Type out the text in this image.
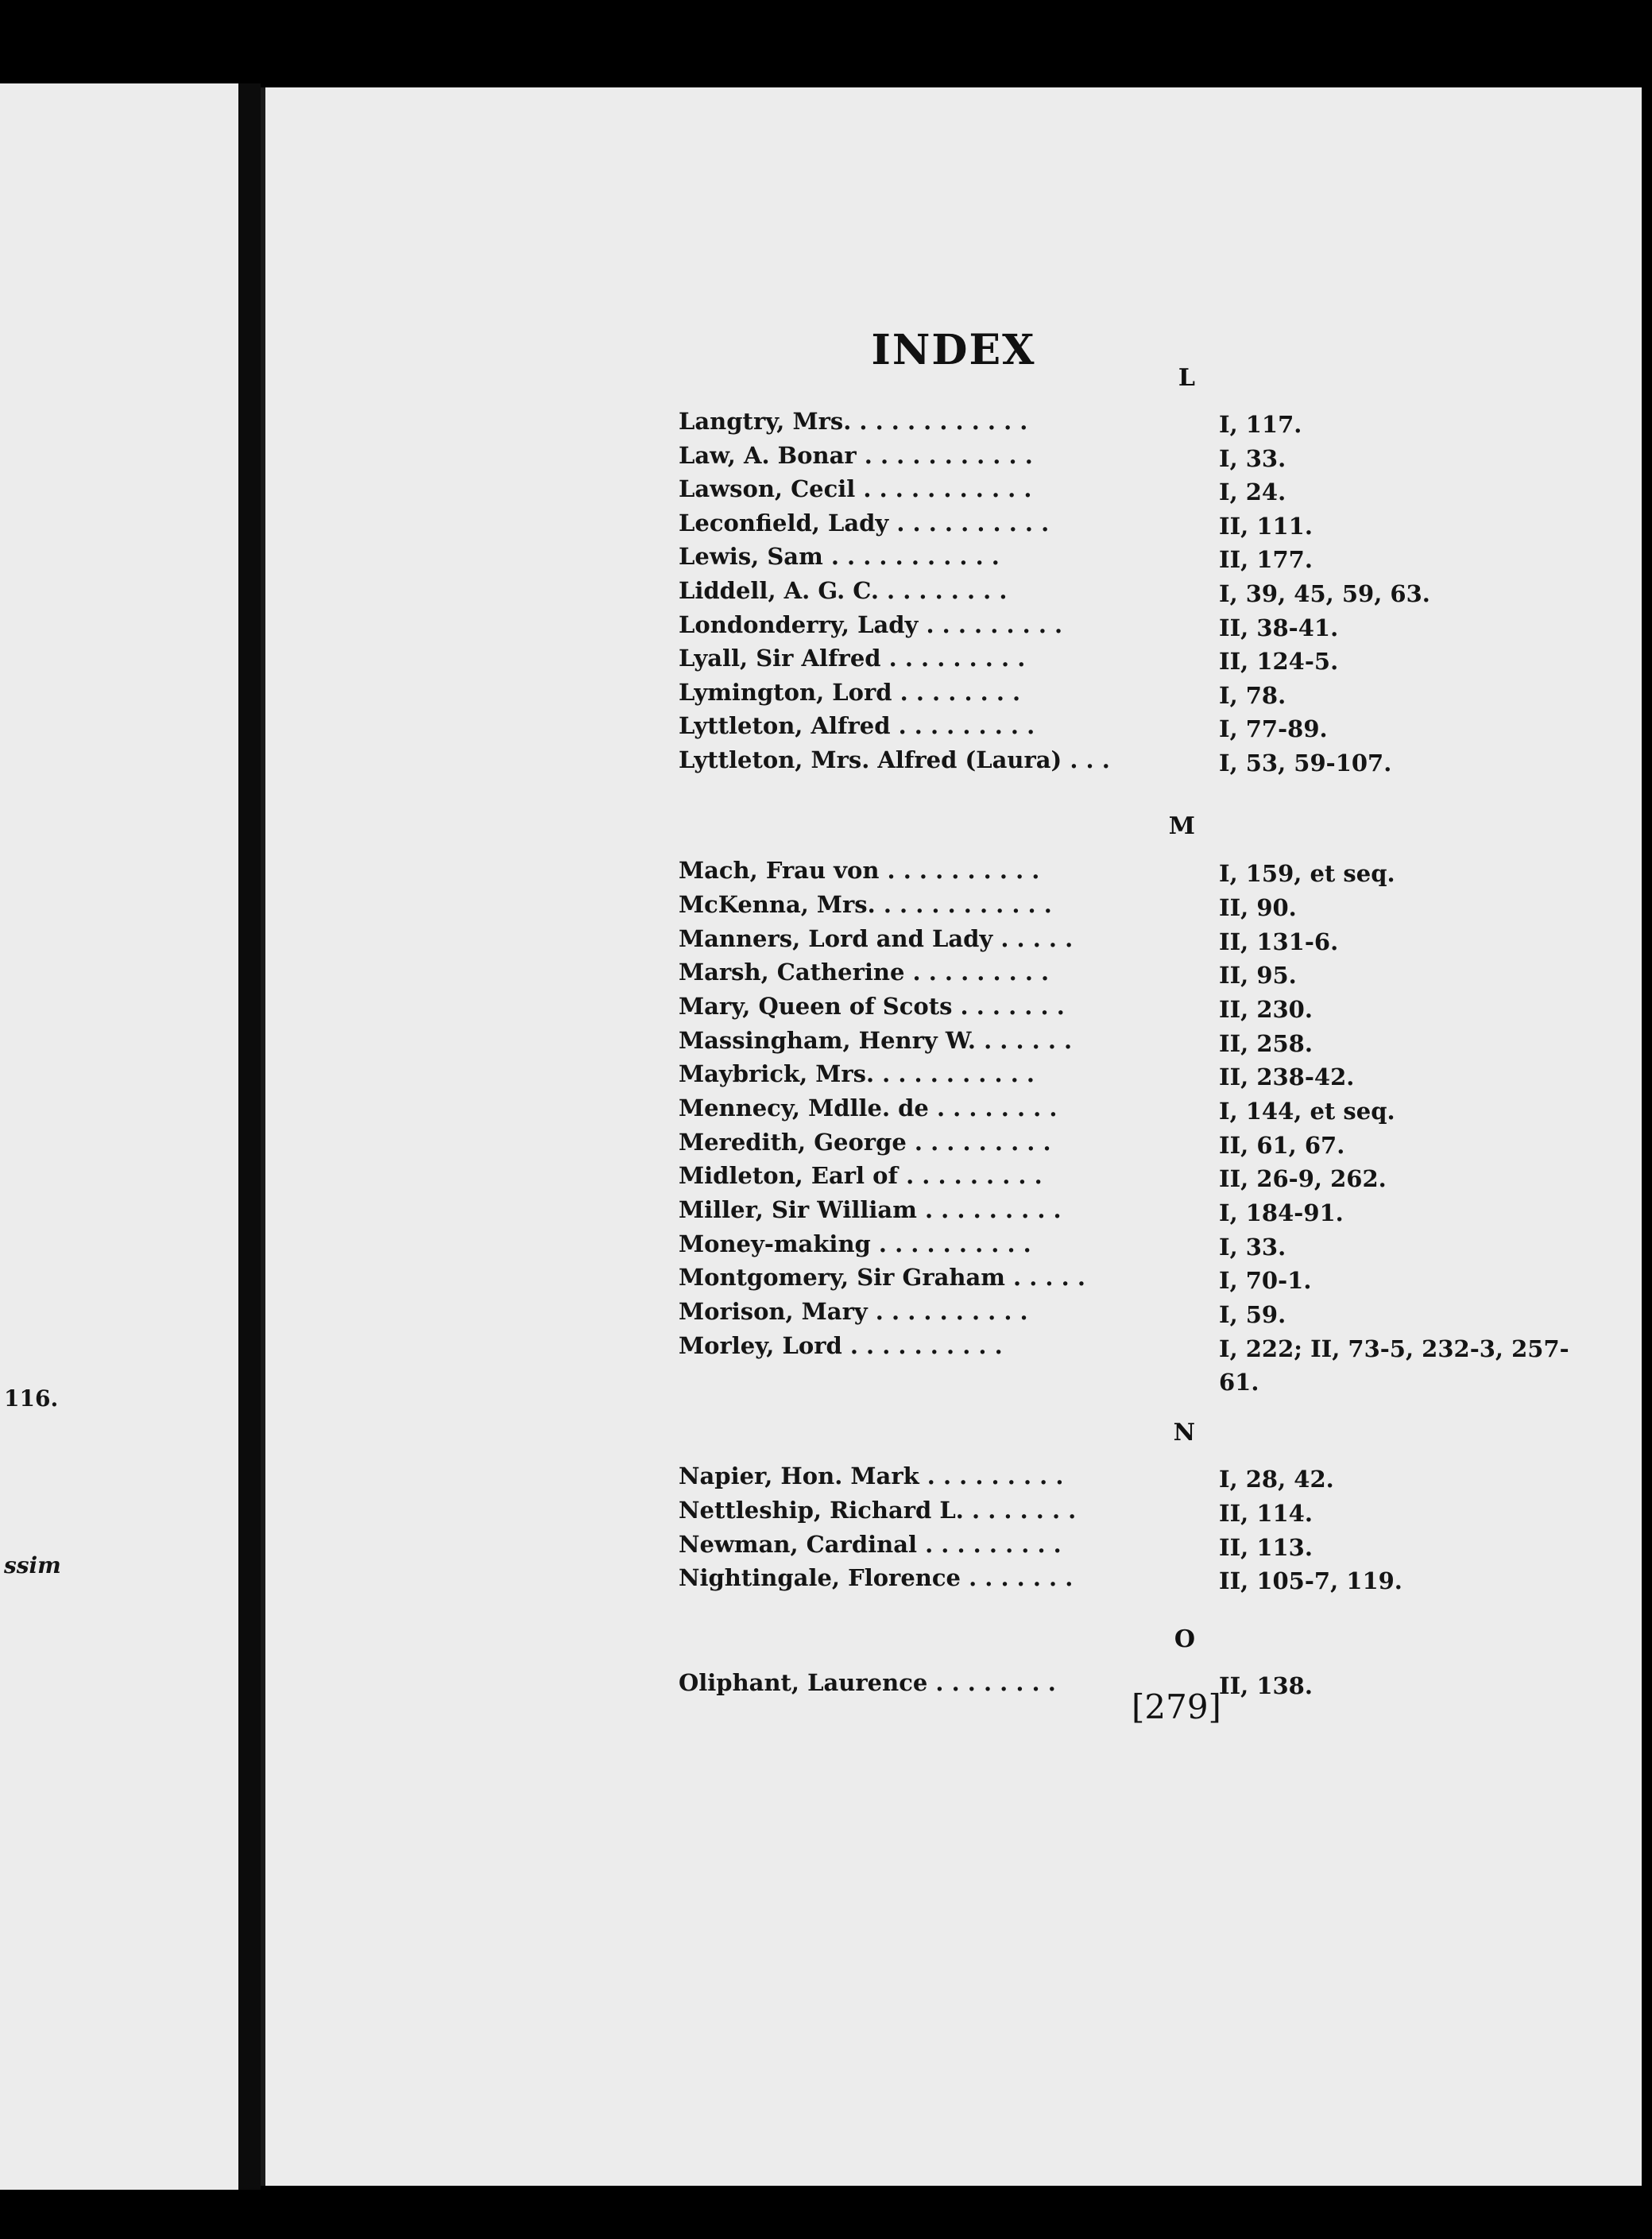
116.
ssim
INDEX
L
Langtry, Mrs. . . . . . . . . . . .	I, 117.
Law, A. Bonar . . . . . . . . . . .	I, 33.
Lawson, Cecil . . . . . . . . . . .	I, 24.
Leconfield, Lady . . . . . . . . . .	II, 111.
Lewis, Sam . . . . . . . . . . .	II, 177.
Liddell, A. G. C. . . . . . . . .	I, 39, 45, 59, 63.
Londonderry, Lady . . . . . . . . .	II, 38-41.
Lyall, Sir Alfred . . . . . . . . .	II, 124-5.
Lymington, Lord . . . . . . . .	I, 78.
Lyttleton, Alfred . . . . . . . . .	I, 77-89.
Lyttleton, Mrs. Alfred (Laura) . . .	I, 53, 59-107.
M
Mach, Frau von . . . . . . . . . .	I, 159, et seq.
McKenna, Mrs. . . . . . . . . . . .	II, 90.
Manners, Lord and Lady . . . . .	II, 131-6.
Marsh, Catherine . . . . . . . . .	II, 95.
Mary, Queen of Scots . . . . . . .	II, 230.
Massingham, Henry W. . . . . . .	II, 258.
Maybrick, Mrs. . . . . . . . . . .	II, 238-42.
Mennecy, Mdlle. de . . . . . . . .	I, 144, et seq.
Meredith, George . . . . . . . . .	II, 61, 67.
Midleton, Earl of . . . . . . . . .	II, 26-9, 262.
Miller, Sir William . . . . . . . . .	I, 184-91.
Money-making . . . . . . . . . .	I, 33.
Montgomery, Sir Graham . . . . .	I, 70-1.
Morison, Mary . . . . . . . . . .	I, 59.
Morley, Lord . . . . . . . . . .	I, 222; II, 73-5, 232-3, 257-61.
N
Napier, Hon. Mark . . . . . . . . .	I, 28, 42.
Nettleship, Richard L. . . . . . . .	II, 114.
Newman, Cardinal . . . . . . . . .	II, 113.
Nightingale, Florence . . . . . . .	II, 105-7, 119.
O
Oliphant, Laurence . . . . . . . .	II, 138.
[279]
